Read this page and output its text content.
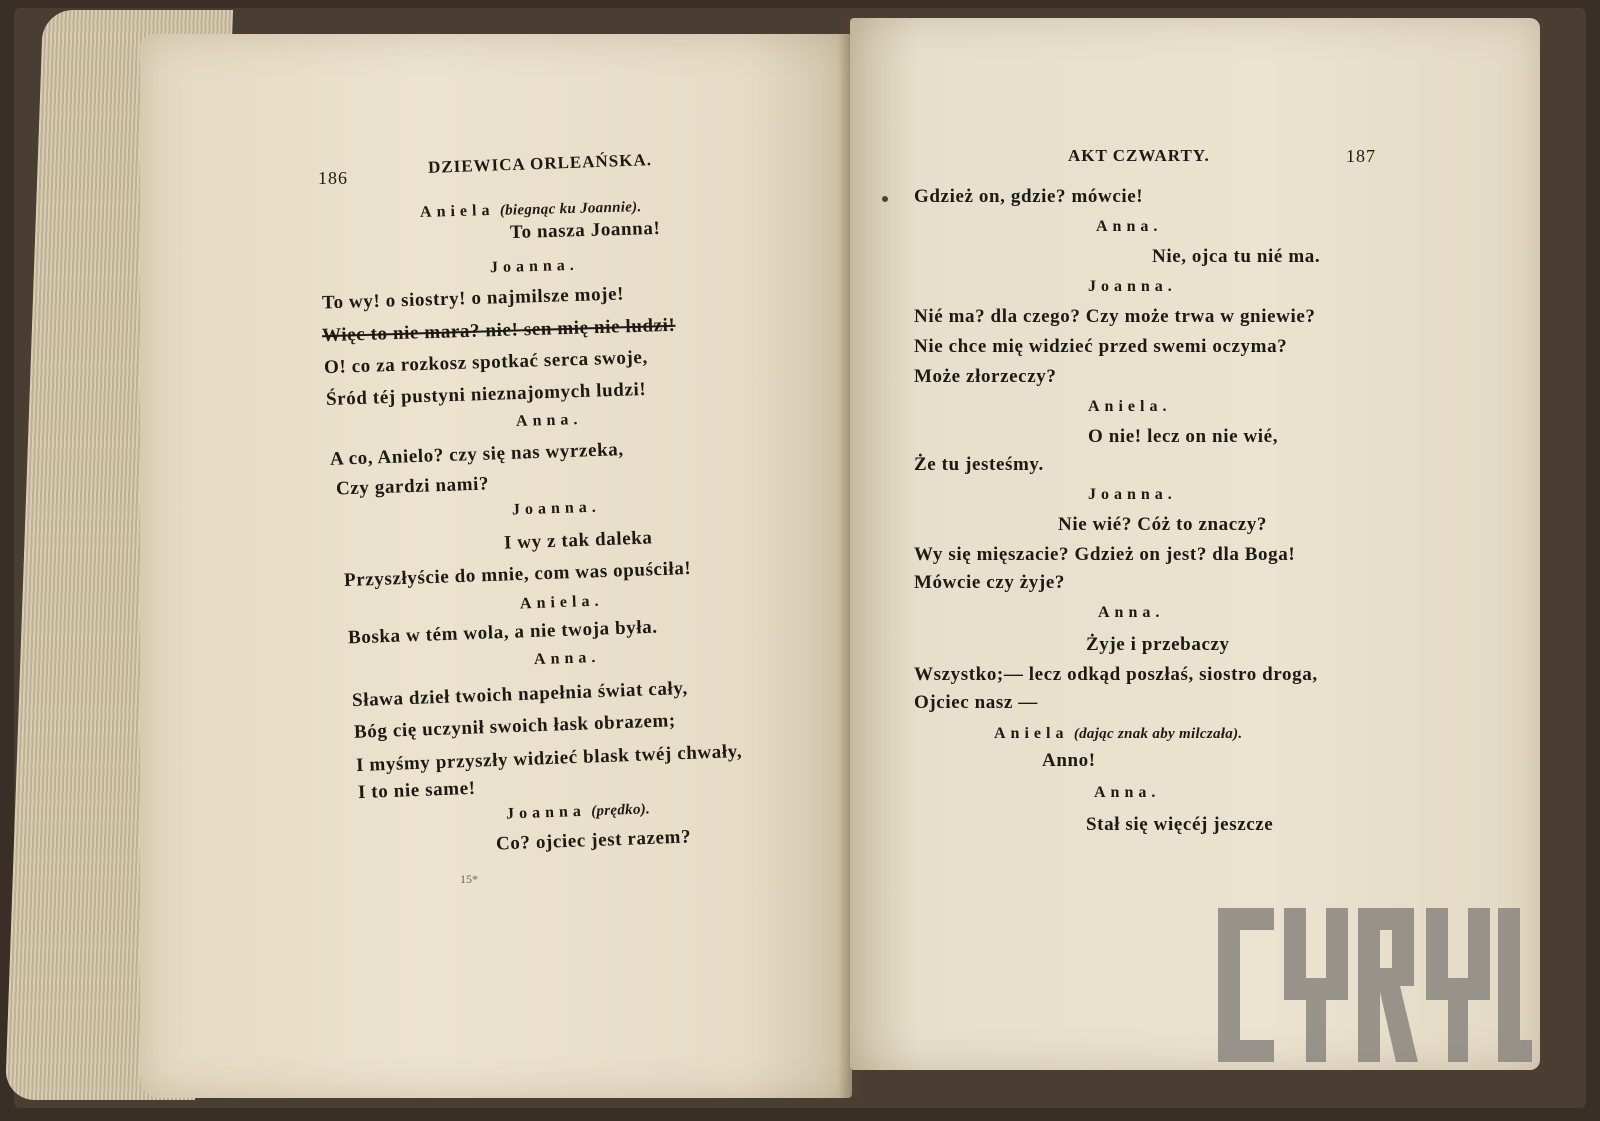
186
DZIEWICA ORLEAŃSKA.
Aniela (biegnąc ku Joannie).
To nasza Joanna!
Joanna.
To wy! o siostry! o najmilsze moje!
Więc to nie mara? nie! sen mię nie ludzi!
O! co za rozkosz spotkać serca swoje,
Śród téj pustyni nieznajomych ludzi!
Anna.
A co, Anielo? czy się nas wyrzeka,
Czy gardzi nami?
Joanna.
I wy z tak daleka
Przyszłyście do mnie, com was opuściła!
Aniela.
Boska w tém wola, a nie twoja była.
Anna.
Sława dzieł twoich napełnia świat cały,
Bóg cię uczynił swoich łask obrazem;
I myśmy przyszły widzieć blask twéj chwały,
I to nie same!
Joanna (prędko).
Co? ojciec jest razem?
15*
AKT CZWARTY.	187
Gdzież on, gdzie? mówcie!
Anna.
Nie, ojca tu nié ma.
Joanna.
Nié ma? dla czego? Czy może trwa w gniewie?
Nie chce mię widzieć przed swemi oczyma?
Może złorzeczy?
Aniela.
O nie! lecz on nie wié,
Że tu jesteśmy.
Joanna.
Nie wié? Cóż to znaczy?
Wy się mięszacie? Gdzież on jest? dla Boga!
Mówcie czy żyje?
Anna.
Żyje i przebaczy
Wszystko;— lecz odkąd poszłaś, siostro droga,
Ojciec nasz —
Aniela (dając znak aby milczała).
Anno!
Anna.
Stał się więcéj jeszcze
